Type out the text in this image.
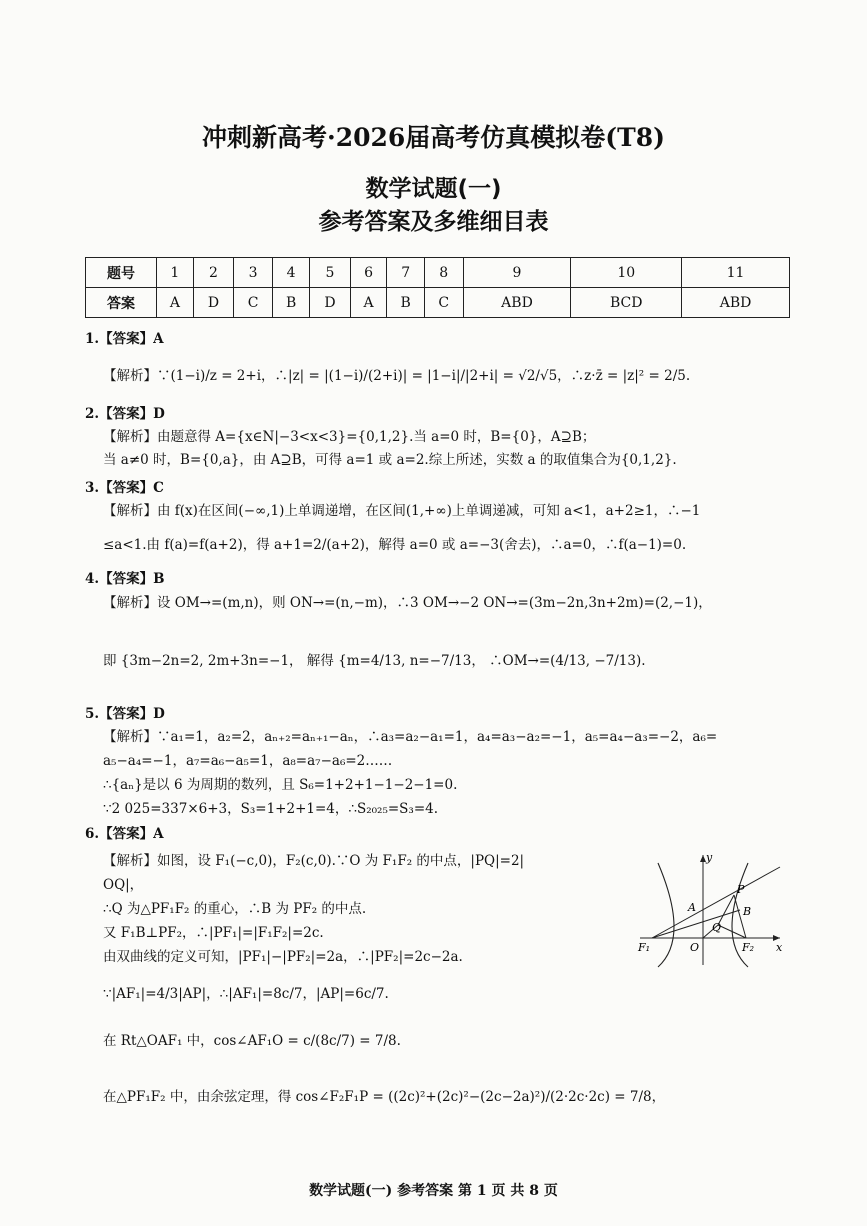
冲刺新高考·2026届高考仿真模拟卷(T8)
数学试题(一)
参考答案及多维细目表
题号	1	2	3	4	5	6	7	8	9	10	11
答案	A	D	C	B	D	A	B	C	ABD	BCD	ABD
1.【答案】A
【解析】∵(1−i)/z = 2+i，∴|z| = |(1−i)/(2+i)| = |1−i|/|2+i| = √2/√5，∴z·z̄ = |z|² = 2/5.
2.【答案】D
【解析】由题意得 A={x∈N|−3<x<3}={0,1,2}.当 a=0 时，B={0}，A⊇B；
当 a≠0 时，B={0,a}，由 A⊇B，可得 a=1 或 a=2.综上所述，实数 a 的取值集合为{0,1,2}.
3.【答案】C
【解析】由 f(x)在区间(−∞,1)上单调递增，在区间(1,+∞)上单调递减，可知 a<1，a+2≥1，∴−1
≤a<1.由 f(a)=f(a+2)，得 a+1=2/(a+2)，解得 a=0 或 a=−3(舍去)，∴a=0，∴f(a−1)=0.
4.【答案】B
【解析】设 OM→=(m,n)，则 ON→=(n,−m)，∴3 OM→−2 ON→=(3m−2n,3n+2m)=(2,−1)，
即 {3m−2n=2, 2m+3n=−1， 解得 {m=4/13, n=−7/13， ∴OM→=(4/13, −7/13).
5.【答案】D
【解析】∵a₁=1，a₂=2，aₙ₊₂=aₙ₊₁−aₙ，∴a₃=a₂−a₁=1，a₄=a₃−a₂=−1，a₅=a₄−a₃=−2，a₆=
a₅−a₄=−1，a₇=a₆−a₅=1，a₈=a₇−a₆=2……
∴{aₙ}是以 6 为周期的数列，且 S₆=1+2+1−1−2−1=0.
∵2 025=337×6+3，S₃=1+2+1=4，∴S₂₀₂₅=S₃=4.
6.【答案】A
【解析】如图，设 F₁(−c,0)，F₂(c,0).∵O 为 F₁F₂ 的中点，|PQ|=2|
OQ|，
∴Q 为△PF₁F₂ 的重心，∴B 为 PF₂ 的中点.
又 F₁B⊥PF₂，∴|PF₁|=|F₁F₂|=2c.
由双曲线的定义可知，|PF₁|−|PF₂|=2a，∴|PF₂|=2c−2a.
∵|AF₁|=4/3|AP|，∴|AF₁|=8c/7，|AP|=6c/7.
在 Rt△OAF₁ 中，cos∠AF₁O = c/(8c/7) = 7/8.
在△PF₁F₂ 中，由余弦定理，得 cos∠F₂F₁P = ((2c)²+(2c)²−(2c−2a)²)/(2·2c·2c) = 7/8，
y
P
A	B
Q
F₁	O	F₂ x
数学试题(一) 参考答案 第 1 页 共 8 页
